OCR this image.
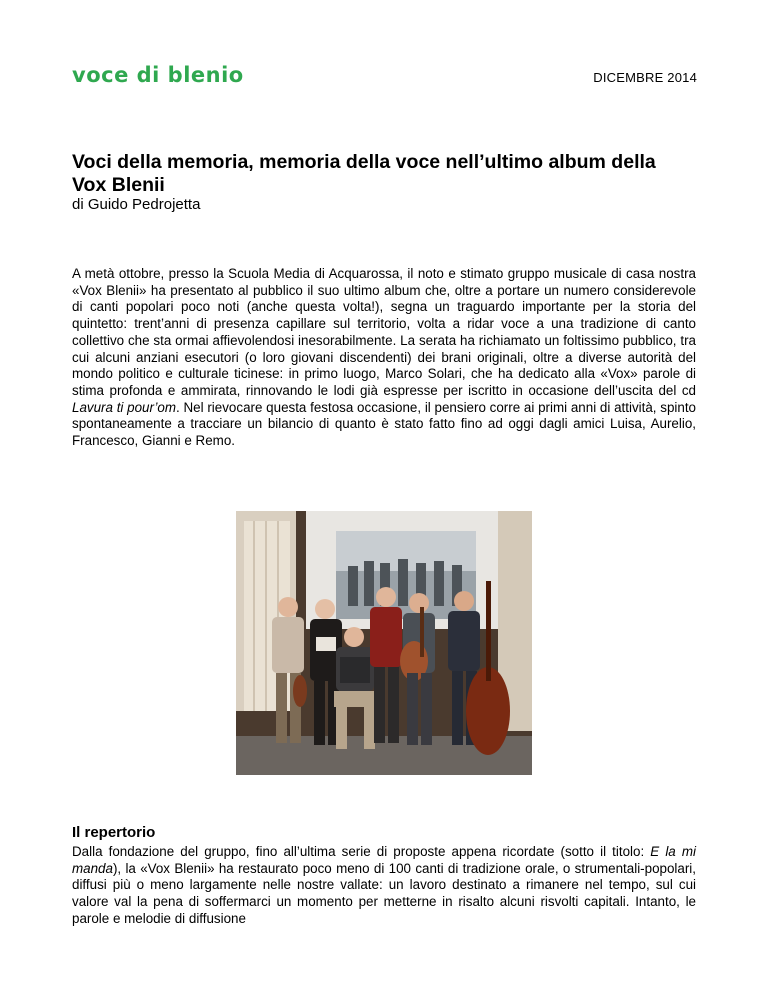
voce di blenio	DICEMBRE 2014
Voci della memoria, memoria della voce nell’ultimo album della Vox Blenii
di Guido Pedrojetta

A metà ottobre, presso la Scuola Media di Acquarossa, il noto e stimato gruppo musicale di casa nostra «Vox Blenii» ha presentato al pubblico il suo ultimo album che, oltre a portare un numero considerevole di canti popolari poco noti (anche questa volta!), segna un traguardo importante per la storia del quintetto: trent’anni di presenza capillare sul territorio, volta a ridar voce a una tradizione di canto collettivo che sta ormai affievolendosi inesorabilmente. La serata ha richiamato un foltissimo pubblico, tra cui alcuni anziani esecutori (o loro giovani discendenti) dei brani originali, oltre a diverse autorità del mondo politico e culturale ticinese: in primo luogo, Marco Solari, che ha dedicato alla «Vox» parole di stima profonda e ammirata, rinnovando le lodi già espresse per iscritto in occasione dell’uscita del cd Lavura ti pour’om. Nel rievocare questa festosa occasione, il pensiero corre ai primi anni di attività, spinto spontaneamente a tracciare un bilancio di quanto è stato fatto fino ad oggi dagli amici Luisa, Aurelio, Francesco, Gianni e Remo.

Il repertorio

Dalla fondazione del gruppo, fino all’ultima serie di proposte appena ricordate (sotto il titolo: E la mi manda), la «Vox Blenii» ha restaurato poco meno di 100 canti di tradizione orale, o strumentali-popolari, diffusi più o meno largamente nelle nostre vallate: un lavoro destinato a rimanere nel tempo, sul cui valore val la pena di soffermarci un momento per metterne in risalto alcuni risvolti capitali. Intanto, le parole e melodie di diffusione
